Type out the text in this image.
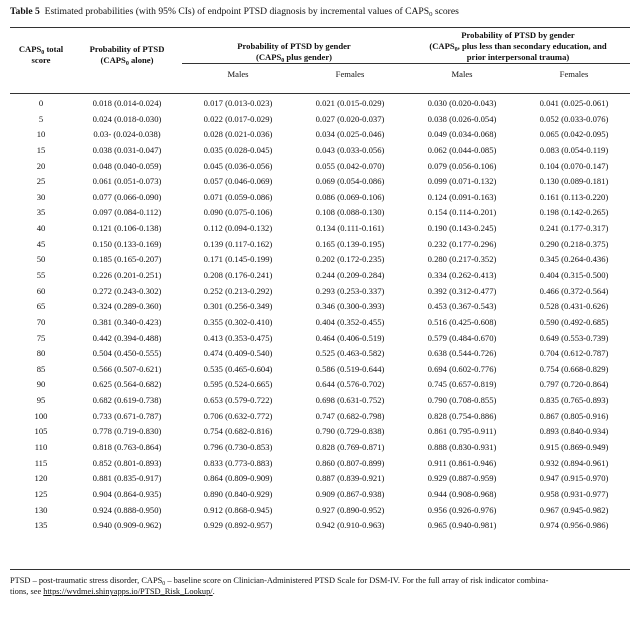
Table 5 Estimated probabilities (with 95% CIs) of endpoint PTSD diagnosis by incremental values of $CAPS_0$ scores
$CAPS_0$ total
score	Probability of PTSD
($CAPS_0$ alone)	Probability of PTSD by gender
($CAPS_0$ plus gender)		Probability of PTSD by gender
($CAPS_0$, plus less than secondary education, and
prior interpersonal trauma)	
		Males	Females	Males	Females

0	0.018 (0.014-0.024)	0.017 (0.013-0.023)	0.021 (0.015-0.029)	0.030 (0.020-0.043)	0.041 (0.025-0.061)
5	0.024 (0.018-0.030)	0.022 (0.017-0.029)	0.027 (0.020-0.037)	0.038 (0.026-0.054)	0.052 (0.033-0.076)
10	0.03- (0.024-0.038)	0.028 (0.021-0.036)	0.034 (0.025-0.046)	0.049 (0.034-0.068)	0.065 (0.042-0.095)
15	0.038 (0.031-0.047)	0.035 (0.028-0.045)	0.043 (0.033-0.056)	0.062 (0.044-0.085)	0.083 (0.054-0.119)
20	0.048 (0.040-0.059)	0.045 (0.036-0.056)	0.055 (0.042-0.070)	0.079 (0.056-0.106)	0.104 (0.070-0.147)
25	0.061 (0.051-0.073)	0.057 (0.046-0.069)	0.069 (0.054-0.086)	0.099 (0.071-0.132)	0.130 (0.089-0.181)
30	0.077 (0.066-0.090)	0.071 (0.059-0.086)	0.086 (0.069-0.106)	0.124 (0.091-0.163)	0.161 (0.113-0.220)
35	0.097 (0.084-0.112)	0.090 (0.075-0.106)	0.108 (0.088-0.130)	0.154 (0.114-0.201)	0.198 (0.142-0.265)
40	0.121 (0.106-0.138)	0.112 (0.094-0.132)	0.134 (0.111-0.161)	0.190 (0.143-0.245)	0.241 (0.177-0.317)
45	0.150 (0.133-0.169)	0.139 (0.117-0.162)	0.165 (0.139-0.195)	0.232 (0.177-0.296)	0.290 (0.218-0.375)
50	0.185 (0.165-0.207)	0.171 (0.145-0.199)	0.202 (0.172-0.235)	0.280 (0.217-0.352)	0.345 (0.264-0.436)
55	0.226 (0.201-0.251)	0.208 (0.176-0.241)	0.244 (0.209-0.284)	0.334 (0.262-0.413)	0.404 (0.315-0.500)
60	0.272 (0.243-0.302)	0.252 (0.213-0.292)	0.293 (0.253-0.337)	0.392 (0.312-0.477)	0.466 (0.372-0.564)
65	0.324 (0.289-0.360)	0.301 (0.256-0.349)	0.346 (0.300-0.393)	0.453 (0.367-0.543)	0.528 (0.431-0.626)
70	0.381 (0.340-0.423)	0.355 (0.302-0.410)	0.404 (0.352-0.455)	0.516 (0.425-0.608)	0.590 (0.492-0.685)
75	0.442 (0.394-0.488)	0.413 (0.353-0.475)	0.464 (0.406-0.519)	0.579 (0.484-0.670)	0.649 (0.553-0.739)
80	0.504 (0.450-0.555)	0.474 (0.409-0.540)	0.525 (0.463-0.582)	0.638 (0.544-0.726)	0.704 (0.612-0.787)
85	0.566 (0.507-0.621)	0.535 (0.465-0.604)	0.586 (0.519-0.644)	0.694 (0.602-0.776)	0.754 (0.668-0.829)
90	0.625 (0.564-0.682)	0.595 (0.524-0.665)	0.644 (0.576-0.702)	0.745 (0.657-0.819)	0.797 (0.720-0.864)
95	0.682 (0.619-0.738)	0.653 (0.579-0.722)	0.698 (0.631-0.752)	0.790 (0.708-0.855)	0.835 (0.765-0.893)
100	0.733 (0.671-0.787)	0.706 (0.632-0.772)	0.747 (0.682-0.798)	0.828 (0.754-0.886)	0.867 (0.805-0.916)
105	0.778 (0.719-0.830)	0.754 (0.682-0.816)	0.790 (0.729-0.838)	0.861 (0.795-0.911)	0.893 (0.840-0.934)
110	0.818 (0.763-0.864)	0.796 (0.730-0.853)	0.828 (0.769-0.871)	0.888 (0.830-0.931)	0.915 (0.869-0.949)
115	0.852 (0.801-0.893)	0.833 (0.773-0.883)	0.860 (0.807-0.899)	0.911 (0.861-0.946)	0.932 (0.894-0.961)
120	0.881 (0.835-0.917)	0.864 (0.809-0.909)	0.887 (0.839-0.921)	0.929 (0.887-0.959)	0.947 (0.915-0.970)
125	0.904 (0.864-0.935)	0.890 (0.840-0.929)	0.909 (0.867-0.938)	0.944 (0.908-0.968)	0.958 (0.931-0.977)
130	0.924 (0.888-0.950)	0.912 (0.868-0.945)	0.927 (0.890-0.952)	0.956 (0.926-0.976)	0.967 (0.945-0.982)
135	0.940 (0.909-0.962)	0.929 (0.892-0.957)	0.942 (0.910-0.963)	0.965 (0.940-0.981)	0.974 (0.956-0.986)
PTSD – post-traumatic stress disorder, $CAPS_0$ – baseline score on Clinician-Administered PTSD Scale for DSM-IV. For the full array of risk indicator combina-
tions, see https://wvdmei.shinyapps.io/PTSD_Risk_Lookup/.
